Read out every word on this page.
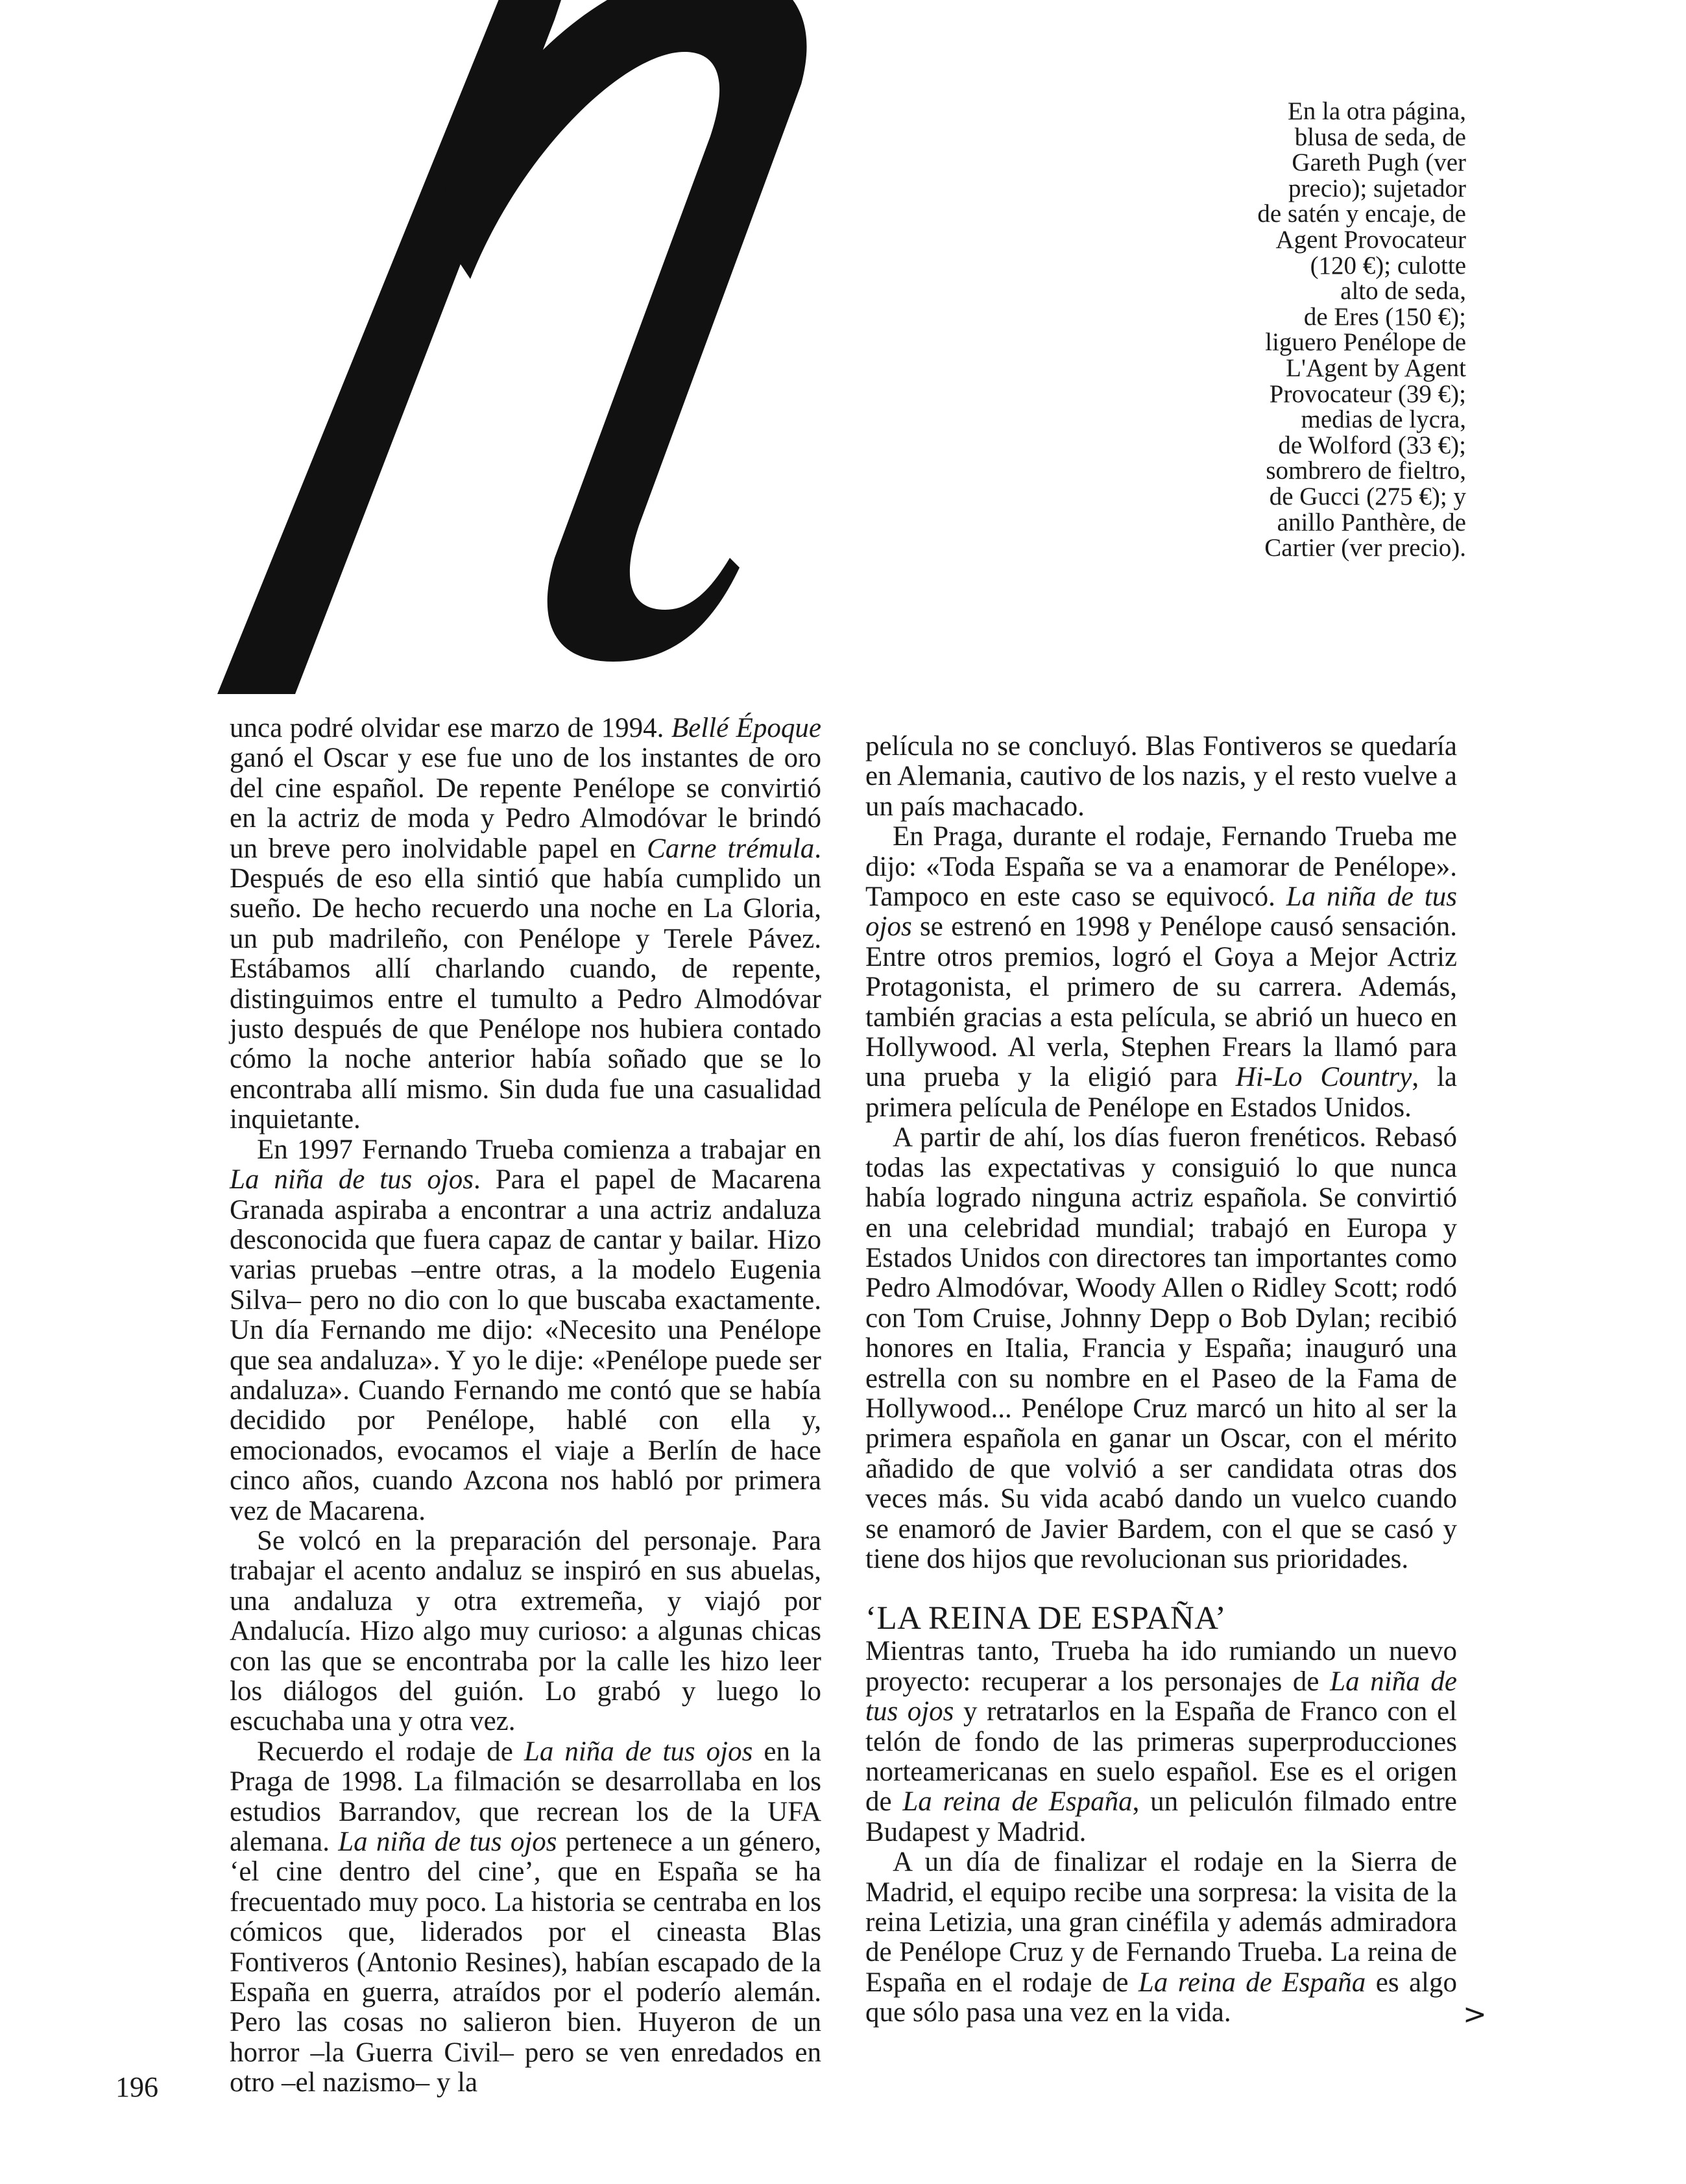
En la otra página,

blusa de seda, de

Gareth Pugh (ver

precio); sujetador

de satén y encaje, de

Agent Provocateur

(120 €); culotte

alto de seda,

de Eres (150 €);

liguero Penélope de

L'Agent by Agent

Provocateur (39 €);

medias de lycra,

de Wolford (33 €);

sombrero de fieltro,

de Gucci (275 €); y

anillo Panthère, de

Cartier (ver precio).

unca podré olvidar ese marzo de 1994. Bellé Époque ganó el Oscar y ese fue uno de los instantes de oro del cine español. De repente Penélope se convirtió en la actriz de moda y Pedro Almodóvar le brindó un breve pero inolvidable papel en Carne trémula. Después de eso ella sintió que había cumplido un sueño. De hecho recuerdo una noche en La Gloria, un pub madrileño, con Penélope y Terele Pávez. Estábamos allí charlando cuando, de repente, distinguimos entre el tumulto a Pedro Almodóvar justo después de que Penélope nos hubiera contado cómo la noche anterior había soñado que se lo encontraba allí mismo. Sin duda fue una casualidad inquietante.

En 1997 Fernando Trueba comienza a trabajar en La niña de tus ojos. Para el papel de Macarena Granada aspiraba a encontrar a una actriz andaluza desconocida que fuera capaz de cantar y bailar. Hizo varias pruebas –entre otras, a la modelo Eugenia Silva– pero no dio con lo que buscaba exactamente. Un día Fernando me dijo: «Necesito una Penélope que sea andaluza». Y yo le dije: «Penélope puede ser andaluza». Cuando Fernando me contó que se había decidido por Penélope, hablé con ella y, emocionados, evocamos el viaje a Berlín de hace cinco años, cuando Azcona nos habló por primera vez de Macarena.

Se volcó en la preparación del personaje. Para trabajar el acento andaluz se inspiró en sus abuelas, una andaluza y otra extremeña, y viajó por Andalucía. Hizo algo muy curioso: a algunas chicas con las que se encontraba por la calle les hizo leer los diálogos del guión. Lo grabó y luego lo escuchaba una y otra vez.

Recuerdo el rodaje de La niña de tus ojos en la Praga de 1998. La filmación se desarrollaba en los estudios Barrandov, que recrean los de la UFA alemana. La niña de tus ojos pertenece a un género, ‘el cine dentro del cine’, que en España se ha frecuentado muy poco. La historia se centraba en los cómicos que, liderados por el cineasta Blas Fontiveros (Antonio Resines), habían escapado de la España en guerra, atraídos por el poderío alemán. Pero las cosas no salieron bien. Huyeron de un horror –la Guerra Civil– pero se ven enredados en otro –el nazismo– y la

película no se concluyó. Blas Fontiveros se quedaría en Alemania, cautivo de los nazis, y el resto vuelve a un país machacado.

En Praga, durante el rodaje, Fernando Trueba me dijo: «Toda España se va a enamorar de Penélope». Tampoco en este caso se equivocó. La niña de tus ojos se estrenó en 1998 y Penélope causó sensación. Entre otros premios, logró el Goya a Mejor Actriz Protagonista, el primero de su carrera. Además, también gracias a esta película, se abrió un hueco en Hollywood. Al verla, Stephen Frears la llamó para una prueba y la eligió para Hi-Lo Country, la primera película de Penélope en Estados Unidos.

A partir de ahí, los días fueron frenéticos. Rebasó todas las expectativas y consiguió lo que nunca había logrado ninguna actriz española. Se convirtió en una celebridad mundial; trabajó en Europa y Estados Unidos con directores tan importantes como Pedro Almodóvar, Woody Allen o Ridley Scott; rodó con Tom Cruise, Johnny Depp o Bob Dylan; recibió honores en Italia, Francia y España; inauguró una estrella con su nombre en el Paseo de la Fama de Hollywood... Penélope Cruz marcó un hito al ser la primera española en ganar un Oscar, con el mérito añadido de que volvió a ser candidata otras dos veces más. Su vida acabó dando un vuelco cuando se enamoró de Javier Bardem, con el que se casó y tiene dos hijos que revolucionan sus prioridades.

‘LA REINA DE ESPAÑA’

Mientras tanto, Trueba ha ido rumiando un nuevo proyecto: recuperar a los personajes de La niña de tus ojos y retratarlos en la España de Franco con el telón de fondo de las primeras superproducciones norteamericanas en suelo español. Ese es el origen de La reina de España, un peliculón filmado entre Budapest y Madrid.

A un día de finalizar el rodaje en la Sierra de Madrid, el equipo recibe una sorpresa: la visita de la reina Letizia, una gran cinéfila y además admiradora de Penélope Cruz y de Fernando Trueba. La reina de España en el rodaje de La reina de España es algo que sólo pasa una vez en la vida.	>
196
